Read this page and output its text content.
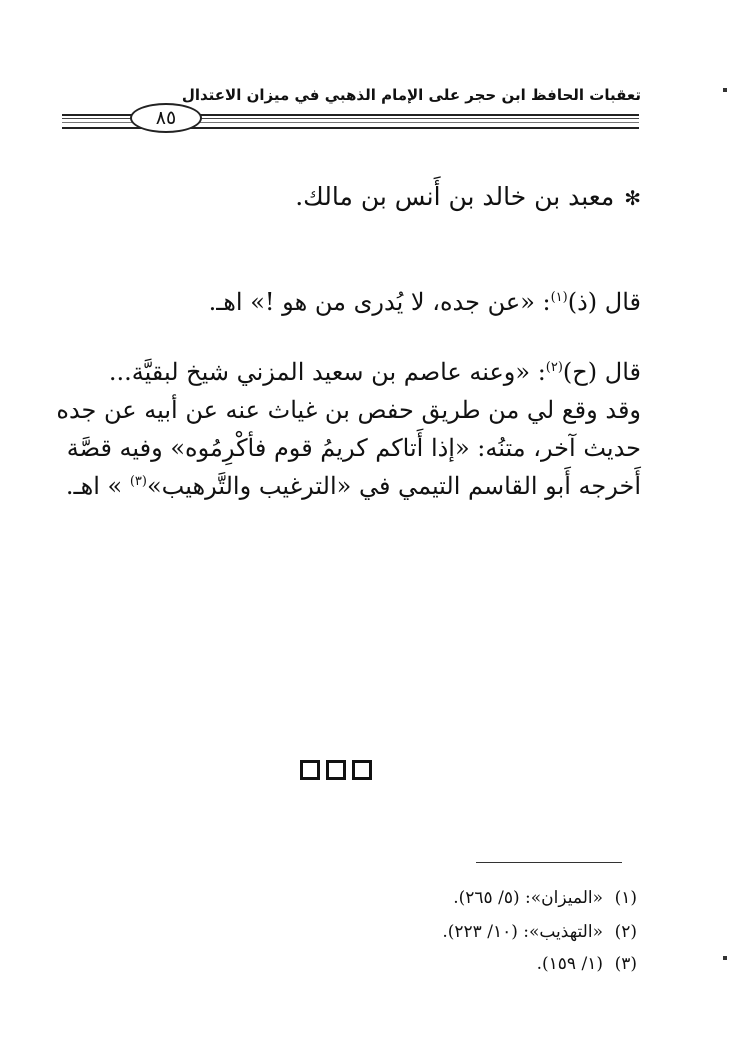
تعقبات الحافظ ابن حجر على الإمام الذهبي في ميزان الاعتدال
٨٥
✻معبد بن خالد بن أَنس بن مالك.
قال (ذ)$^{(١)}$: «عن جده، لا يُدرى من هو !» اهـ.
قال (ح)$^{(٢)}$: «وعنه عاصم بن سعيد المزني شيخ لبقيَّة...
وقد وقع لي من طريق حفص بن غياث عنه عن أبيه عن جده
حديث آخر، متنُه: «إذا أَتاكم كريمُ قوم فأكْرِمُوه» وفيه قصَّة
أَخرجه أَبو القاسم التيمي في «الترغيب والتَّرهيب»$^{(٣)}$ » اهـ.
(١)«الميزان»: (٥/ ٢٦٥).
(٢)«التهذيب»: (١٠/ ٢٢٣).
(٣)(١/ ١٥٩).
